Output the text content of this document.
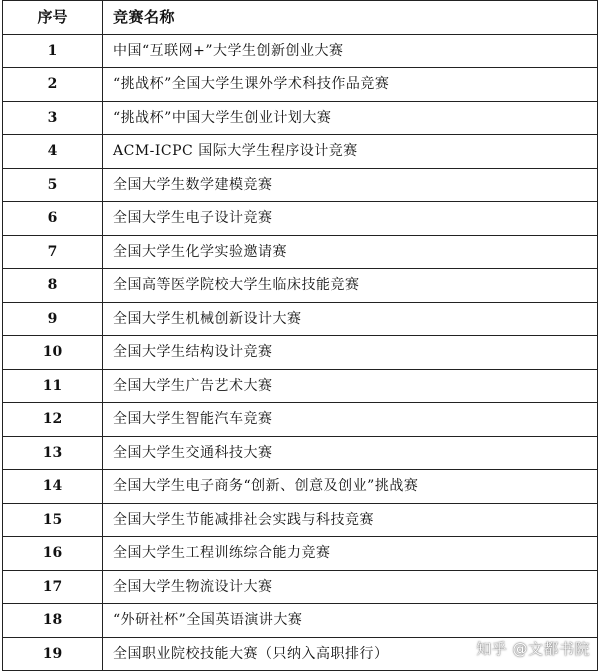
序号	竞赛名称
1	中国“互联网+”大学生创新创业大赛
2	“挑战杯”全国大学生课外学术科技作品竞赛
3	“挑战杯”中国大学生创业计划大赛
4	ACM-ICPC 国际大学生程序设计竞赛
5	全国大学生数学建模竞赛
6	全国大学生电子设计竞赛
7	全国大学生化学实验邀请赛
8	全国高等医学院校大学生临床技能竞赛
9	全国大学生机械创新设计大赛
10	全国大学生结构设计竞赛
11	全国大学生广告艺术大赛
12	全国大学生智能汽车竞赛
13	全国大学生交通科技大赛
14	全国大学生电子商务“创新、创意及创业”挑战赛
15	全国大学生节能减排社会实践与科技竞赛
16	全国大学生工程训练综合能力竞赛
17	全国大学生物流设计大赛
18	“外研社杯”全国英语演讲大赛
19	全国职业院校技能大赛（只纳入高职排行）	知乎 @文都书院
